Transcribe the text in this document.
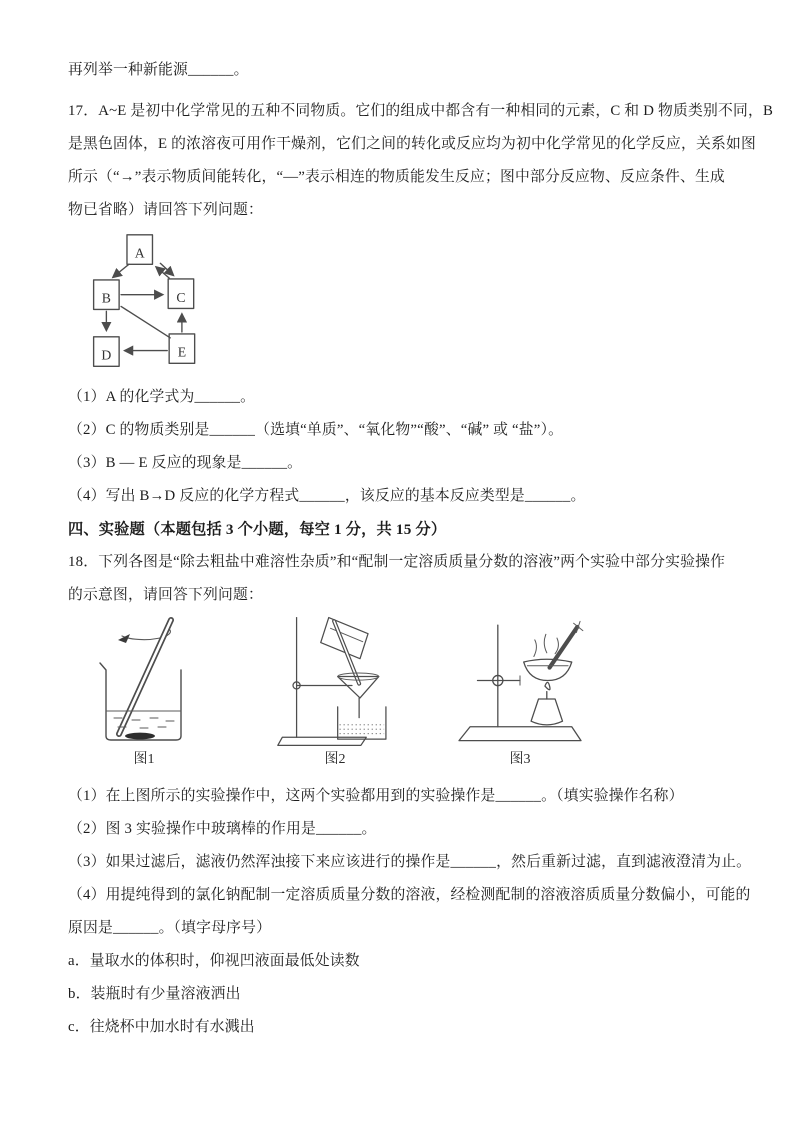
再列举一种新能源______。
17．A~E 是初中化学常见的五种不同物质。它们的组成中都含有一种相同的元素，C 和 D 物质类别不同，B
是黑色固体，E 的浓溶夜可用作干燥剂，它们之间的转化或反应均为初中化学常见的化学反应，关系如图
所示（“→”表示物质间能转化，“—”表示相连的物质能发生反应；图中部分反应物、反应条件、生成
物已省略）请回答下列问题：
A
B	C
D	E
（1）A 的化学式为______。
（2）C 的物质类别是______（选填“单质”、“氧化物”“酸”、“碱” 或 “盐”）。
（3）B — E 反应的现象是______。
（4）写出 B→D 反应的化学方程式______，该反应的基本反应类型是______。
四、实验题（本题包括 3 个小题，每空 1 分，共 15 分）
18．下列各图是“除去粗盐中难溶性杂质”和“配制一定溶质质量分数的溶液”两个实验中部分实验操作
的示意图，请回答下列问题：
图1	图2	图3
（1）在上图所示的实验操作中，这两个实验都用到的实验操作是______。（填实验操作名称）
（2）图 3 实验操作中玻璃棒的作用是______。
（3）如果过滤后，滤液仍然浑浊接下来应该进行的操作是______，然后重新过滤，直到滤液澄清为止。
（4）用提纯得到的氯化钠配制一定溶质质量分数的溶液，经检测配制的溶液溶质质量分数偏小，可能的
原因是______。（填字母序号）
a．量取水的体积时，仰视凹液面最低处读数
b．装瓶时有少量溶液洒出
c．往烧杯中加水时有水溅出
